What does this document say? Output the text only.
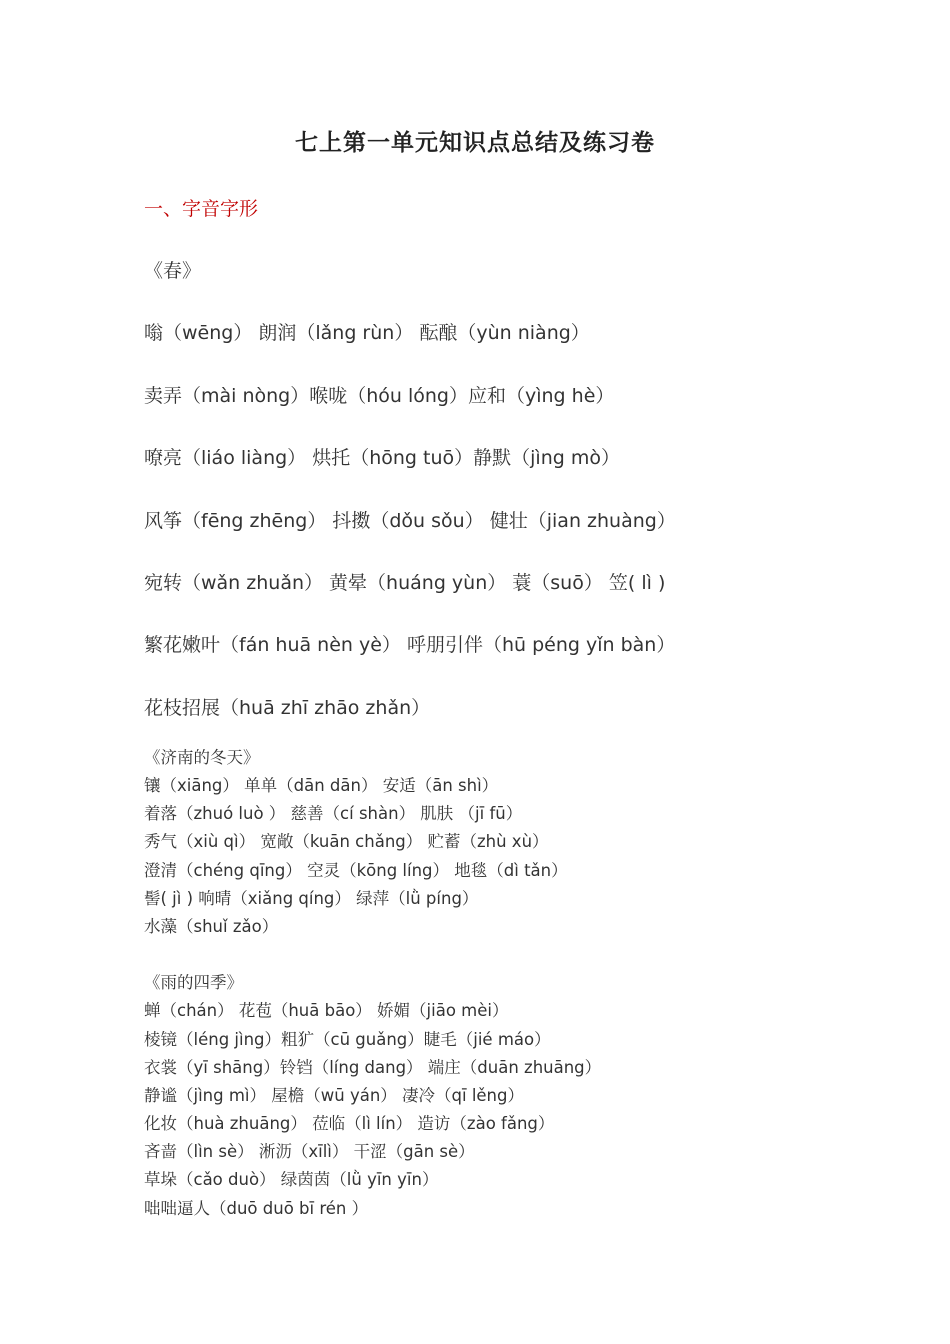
七上第一单元知识点总结及练习卷
一、字音字形
《春》
嗡（wēng） 朗润（lǎng rùn） 酝酿（yùn niàng）
卖弄（mài nòng）喉咙（hóu lóng）应和（yìng hè）
嘹亮（liáo liàng） 烘托（hōng tuō）静默（jìng mò）
风筝（fēng zhēng） 抖擞（dǒu sǒu） 健壮（jian zhuàng）
宛转（wǎn zhuǎn） 黄晕（huáng yùn） 蓑（suō） 笠( lì )
繁花嫩叶（fán huā nèn yè） 呼朋引伴（hū péng yǐn bàn）
花枝招展（huā zhī zhāo zhǎn）
《济南的冬天》
镶（xiāng） 单单（dān dān） 安适（ān shì）
着落（zhuó luò ） 慈善（cí shàn） 肌肤 （jī fū）
秀气（xiù qì） 宽敞（kuān chǎng） 贮蓄（zhù xù）
澄清（chéng qīng） 空灵（kōng líng） 地毯（dì tǎn）
髻( jì ) 响晴（xiǎng qíng） 绿萍（lǜ píng）
水藻（shuǐ zǎo）
《雨的四季》
蝉（chán） 花苞（huā bāo） 娇媚（jiāo mèi）
棱镜（léng jìng）粗犷（cū guǎng）睫毛（jié máo）
衣裳（yī shāng）铃铛（líng dang） 端庄（duān zhuāng）
静谧（jìng mì） 屋檐（wū yán） 凄冷（qī lěng）
化妆（huà zhuāng） 莅临（lì lín） 造访（zào fǎng）
吝啬（lìn sè） 淅沥（xīlì） 干涩（gān sè）
草垛（cǎo duò） 绿茵茵（lǜ yīn yīn）
咄咄逼人（duō duō bī rén ）
